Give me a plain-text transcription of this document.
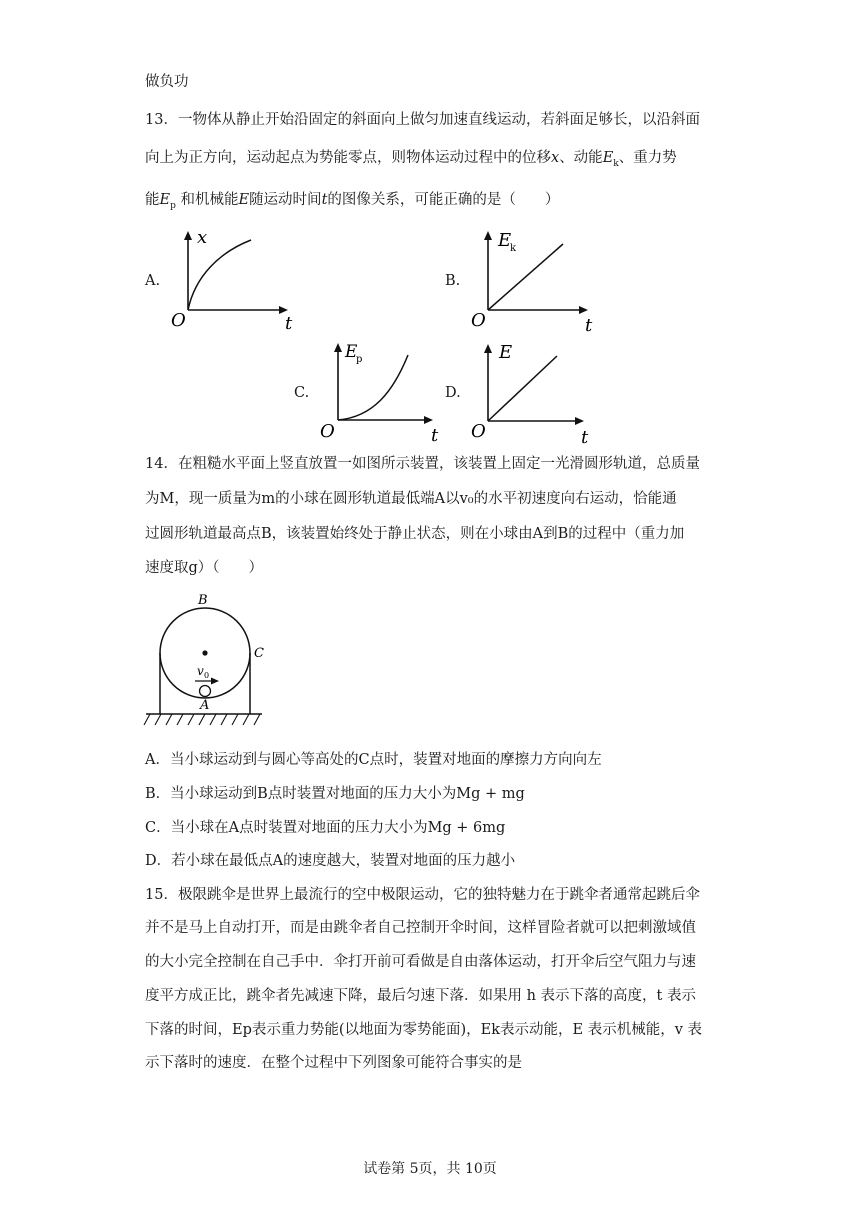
做负功
13．一物体从静止开始沿固定的斜面向上做匀加速直线运动，若斜面足够长，以沿斜面
向上为正方向，运动起点为势能零点，则物体运动过程中的位移x、动能$E_k$、重力势
能$E_p$ 和机械能E随运动时间t的图像关系，可能正确的是（　　）
A.
O	t
x
B.
O	t
E
k
C.
O	t
E
p
D.
O	t
E
14．在粗糙水平面上竖直放置一如图所示装置，该装置上固定一光滑圆形轨道，总质量
为M，现一质量为m的小球在圆形轨道最低端A以v₀的水平初速度向右运动，恰能通
过圆形轨道最高点B，该装置始终处于静止状态，则在小球由A到B的过程中（重力加
速度取g）（　　）
B
C
A
v 0
A．当小球运动到与圆心等高处的C点时，装置对地面的摩擦力方向向左
B．当小球运动到B点时装置对地面的压力大小为Mg + mg
C．当小球在A点时装置对地面的压力大小为Mg + 6mg
D．若小球在最低点A的速度越大，装置对地面的压力越小
15．极限跳伞是世界上最流行的空中极限运动，它的独特魅力在于跳伞者通常起跳后伞
并不是马上自动打开，而是由跳伞者自己控制开伞时间，这样冒险者就可以把刺激域值
的大小完全控制在自己手中．伞打开前可看做是自由落体运动，打开伞后空气阻力与速
度平方成正比，跳伞者先减速下降，最后匀速下落．如果用 h 表示下落的高度，t 表示
下落的时间，Ep表示重力势能(以地面为零势能面)，Ek表示动能，E 表示机械能，v 表
示下落时的速度．在整个过程中下列图象可能符合事实的是
试卷第 5页，共 10页
